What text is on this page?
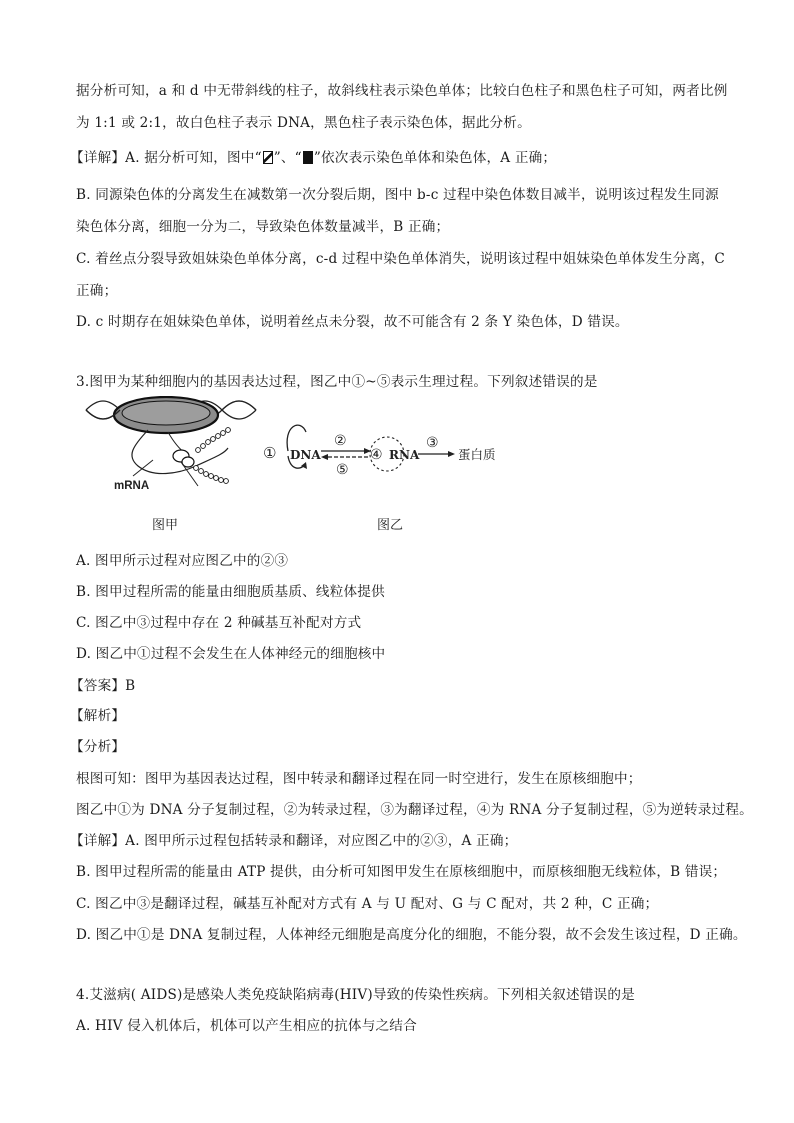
据分析可知，a 和 d 中无带斜线的柱子，故斜线柱表示染色单体；比较白色柱子和黑色柱子可知，两者比例
为 1:1 或 2:1，故白色柱子表示 DNA，黑色柱子表示染色体，据此分析。
【详解】A. 据分析可知，图中“ ”、“ ”依次表示染色单体和染色体，A 正确；
B. 同源染色体的分离发生在减数第一次分裂后期，图中 b-c 过程中染色体数目减半，说明该过程发生同源
染色体分离，细胞一分为二，导致染色体数量减半，B 正确；
C. 着丝点分裂导致姐妹染色单体分离，c-d 过程中染色单体消失，说明该过程中姐妹染色单体发生分离，C
正确；
D. c 时期存在姐妹染色单体，说明着丝点未分裂，故不可能含有 2 条 Y 染色体，D 错误。
3.图甲为某种细胞内的基因表达过程，图乙中①~⑤表示生理过程。下列叙述错误的是
mRNA
① DNA
②
⑤
④ RNA
③
蛋白质
图甲	图乙
A. 图甲所示过程对应图乙中的②③
B. 图甲过程所需的能量由细胞质基质、线粒体提供
C. 图乙中③过程中存在 2 种碱基互补配对方式
D. 图乙中①过程不会发生在人体神经元的细胞核中
【答案】B
【解析】
【分析】
根图可知：图甲为基因表达过程，图中转录和翻译过程在同一时空进行，发生在原核细胞中；
图乙中①为 DNA 分子复制过程，②为转录过程，③为翻译过程，④为 RNA 分子复制过程，⑤为逆转录过程。
【详解】A. 图甲所示过程包括转录和翻译，对应图乙中的②③，A 正确；
B. 图甲过程所需的能量由 ATP 提供，由分析可知图甲发生在原核细胞中，而原核细胞无线粒体，B 错误；
C. 图乙中③是翻译过程，碱基互补配对方式有 A 与 U 配对、G 与 C 配对，共 2 种，C 正确；
D. 图乙中①是 DNA 复制过程，人体神经元细胞是高度分化的细胞，不能分裂，故不会发生该过程，D 正确。
4.艾滋病( AIDS)是感染人类免疫缺陷病毒(HIV)导致的传染性疾病。下列相关叙述错误的是
A. HIV 侵入机体后，机体可以产生相应的抗体与之结合
